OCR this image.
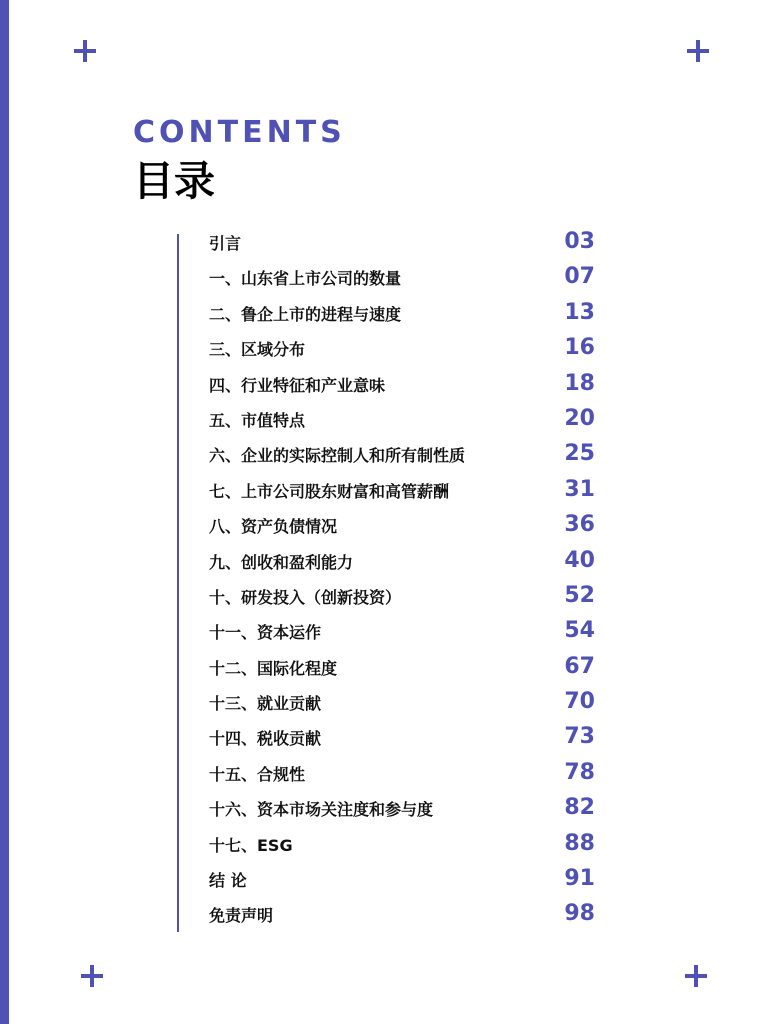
CONTENTS
目录
引言	03
一、山东省上市公司的数量	07
二、鲁企上市的进程与速度	13
三、区域分布	16
四、行业特征和产业意味	18
五、市值特点	20
六、企业的实际控制人和所有制性质	25
七、上市公司股东财富和高管薪酬	31
八、资产负债情况	36
九、创收和盈利能力	40
十、研发投入（创新投资）	52
十一、资本运作	54
十二、国际化程度	67
十三、就业贡献	70
十四、税收贡献	73
十五、合规性	78
十六、资本市场关注度和参与度	82
十七、ESG	88
结 论	91
免责声明	98
